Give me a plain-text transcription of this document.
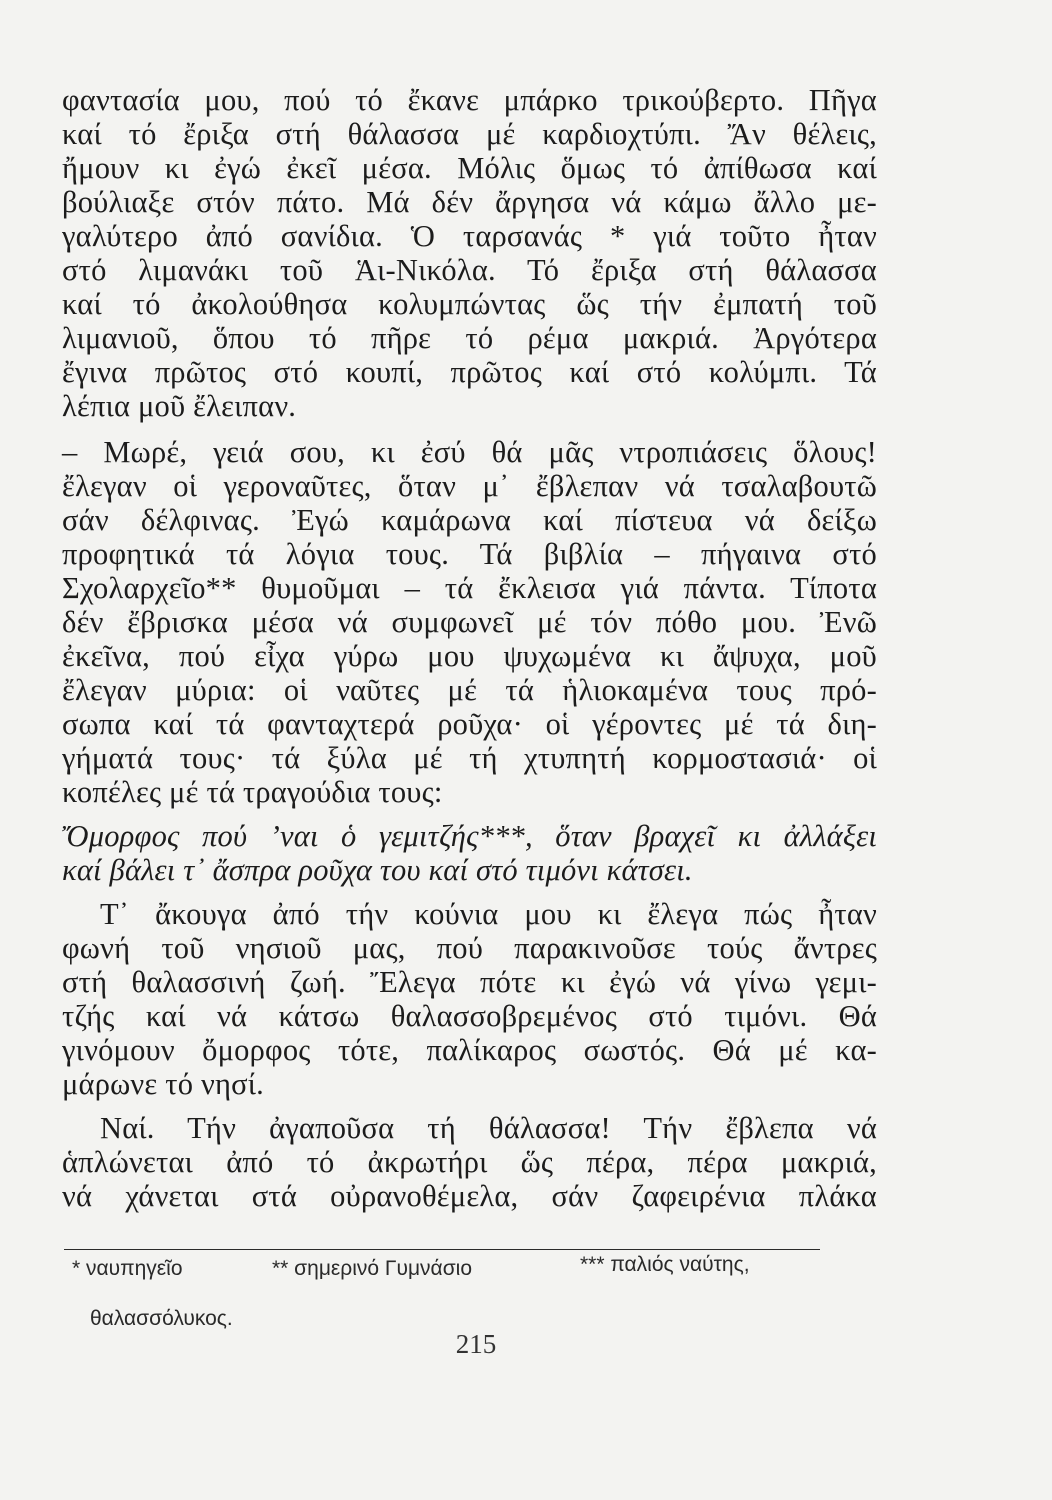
φαντασία μου, πού τό ἔκανε μπάρκο τρικούβερτο. Πῆγα
καί τό ἔριξα στή θάλασσα μέ καρδιοχτύπι. Ἄν θέλεις,
ἤμουν κι ἐγώ ἐκεῖ μέσα. Μόλις ὅμως τό ἀπίθωσα καί
βούλιαξε στόν πάτο. Μά δέν ἄργησα νά κάμω ἄλλο με-
γαλύτερο ἀπό σανίδια. Ὁ ταρσανάς * γιά τοῦτο ἦταν
στό λιμανάκι τοῦ Ἁι-Νικόλα. Τό ἔριξα στή θάλασσα
καί τό ἀκολούθησα κολυμπώντας ὥς τήν ἐμπατή τοῦ
λιμανιοῦ, ὅπου τό πῆρε τό ρέμα μακριά. Ἀργότερα
ἔγινα πρῶτος στό κουπί, πρῶτος καί στό κολύμπι. Τά
λέπια μοῦ ἔλειπαν.
– Μωρέ, γειά σου, κι ἐσύ θά μᾶς ντροπιάσεις ὅλους!
ἔλεγαν οἱ γεροναῦτες, ὅταν μ᾽ ἔβλεπαν νά τσαλαβουτῶ
σάν δέλφινας. Ἐγώ καμάρωνα καί πίστευα νά δείξω
προφητικά τά λόγια τους. Τά βιβλία – πήγαινα στό
Σχολαρχεῖο** θυμοῦμαι – τά ἔκλεισα γιά πάντα. Τίποτα
δέν ἔβρισκα μέσα νά συμφωνεῖ μέ τόν πόθο μου. Ἐνῶ
ἐκεῖνα, πού εἶχα γύρω μου ψυχωμένα κι ἄψυχα, μοῦ
ἔλεγαν μύρια: οἱ ναῦτες μέ τά ἡλιοκαμένα τους πρό-
σωπα καί τά φανταχτερά ροῦχα· οἱ γέροντες μέ τά διη-
γήματά τους· τά ξύλα μέ τή χτυπητή κορμοστασιά· οἱ
κοπέλες μέ τά τραγούδια τους:
Ὄμορφος πού ’ναι ὁ γεμιτζής***, ὅταν βραχεῖ κι ἀλλάξει
καί βάλει τ᾽ ἄσπρα ροῦχα του καί στό τιμόνι κάτσει.
Τ᾽ ἄκουγα ἀπό τήν κούνια μου κι ἔλεγα πώς ἦταν
φωνή τοῦ νησιοῦ μας, πού παρακινοῦσε τούς ἄντρες
στή θαλασσινή ζωή. Ἔλεγα πότε κι ἐγώ νά γίνω γεμι-
τζής καί νά κάτσω θαλασσοβρεμένος στό τιμόνι. Θά
γινόμουν ὄμορφος τότε, παλίκαρος σωστός. Θά μέ κα-
μάρωνε τό νησί.
Ναί. Τήν ἀγαποῦσα τή θάλασσα! Τήν ἔβλεπα νά
ἁπλώνεται ἀπό τό ἀκρωτήρι ὥς πέρα, πέρα μακριά,
νά χάνεται στά οὐρανοθέμελα, σάν ζαφειρένια πλάκα
* ναυπηγεῖο	** σημερινό Γυμνάσιο	*** παλιός ναύτης,
θαλασσόλυκος.
215
